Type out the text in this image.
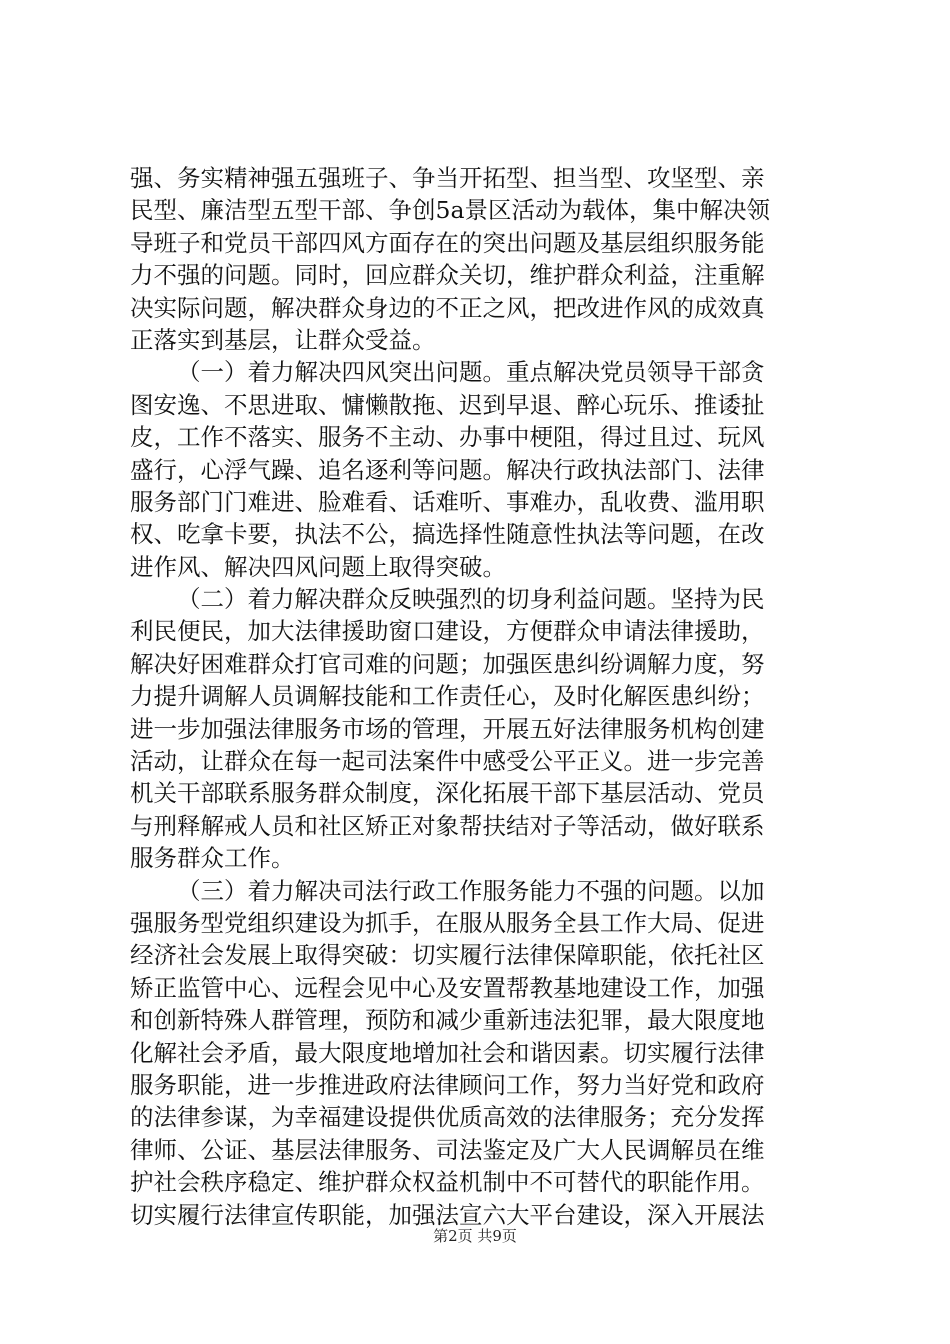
强、务实精神强五强班子、争当开拓型、担当型、攻坚型、亲
民型、廉洁型五型干部、争创5a景区活动为载体，集中解决领
导班子和党员干部四风方面存在的突出问题及基层组织服务能
力不强的问题。同时，回应群众关切，维护群众利益，注重解
决实际问题，解决群众身边的不正之风，把改进作风的成效真
正落实到基层，让群众受益。
（一）着力解决四风突出问题。重点解决党员领导干部贪
图安逸、不思进取、慵懒散拖、迟到早退、醉心玩乐、推诿扯
皮，工作不落实、服务不主动、办事中梗阻，得过且过、玩风
盛行，心浮气躁、追名逐利等问题。解决行政执法部门、法律
服务部门门难进、脸难看、话难听、事难办，乱收费、滥用职
权、吃拿卡要，执法不公，搞选择性随意性执法等问题，在改
进作风、解决四风问题上取得突破。
（二）着力解决群众反映强烈的切身利益问题。坚持为民
利民便民，加大法律援助窗口建设，方便群众申请法律援助，
解决好困难群众打官司难的问题；加强医患纠纷调解力度，努
力提升调解人员调解技能和工作责任心，及时化解医患纠纷；
进一步加强法律服务市场的管理，开展五好法律服务机构创建
活动，让群众在每一起司法案件中感受公平正义。进一步完善
机关干部联系服务群众制度，深化拓展干部下基层活动、党员
与刑释解戒人员和社区矫正对象帮扶结对子等活动，做好联系
服务群众工作。
（三）着力解决司法行政工作服务能力不强的问题。以加
强服务型党组织建设为抓手，在服从服务全县工作大局、促进
经济社会发展上取得突破：切实履行法律保障职能，依托社区
矫正监管中心、远程会见中心及安置帮教基地建设工作，加强
和创新特殊人群管理，预防和减少重新违法犯罪，最大限度地
化解社会矛盾，最大限度地增加社会和谐因素。切实履行法律
服务职能，进一步推进政府法律顾问工作，努力当好党和政府
的法律参谋，为幸福建设提供优质高效的法律服务；充分发挥
律师、公证、基层法律服务、司法鉴定及广大人民调解员在维
护社会秩序稳定、维护群众权益机制中不可替代的职能作用。
切实履行法律宣传职能，加强法宣六大平台建设，深入开展法
第2页 共9页
